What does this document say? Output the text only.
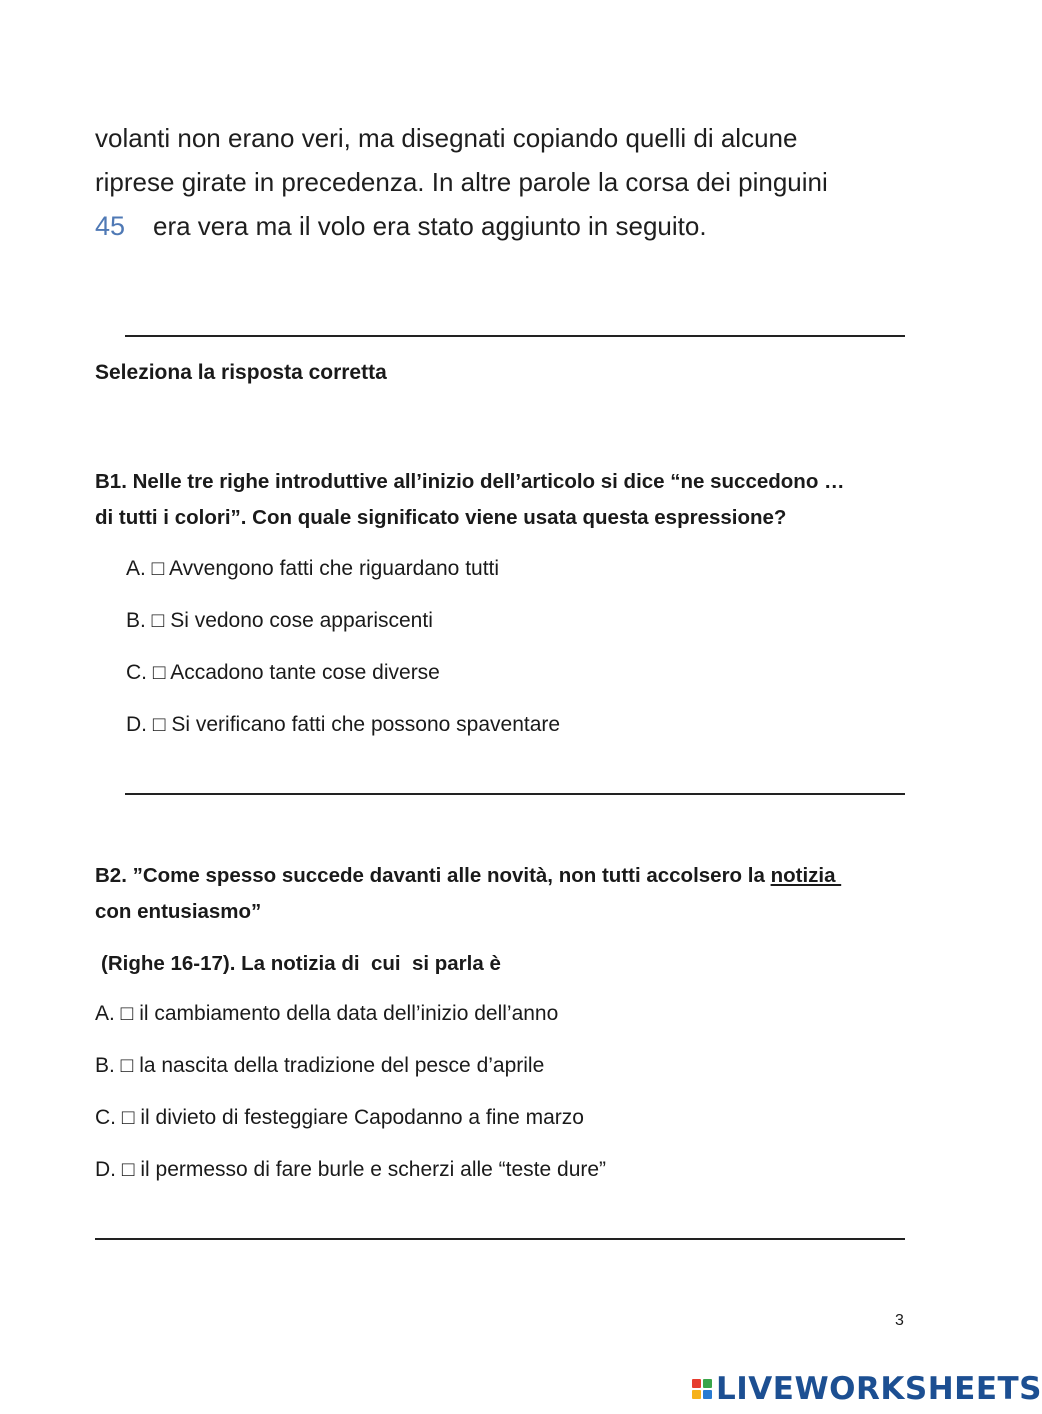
volanti non erano veri, ma disegnati copiando quelli di alcune
riprese girate in precedenza. In altre parole la corsa dei pinguini
45 era vera ma il volo era stato aggiunto in seguito.
Seleziona la risposta corretta
B1. Nelle tre righe introduttive all’inizio dell’articolo si dice “ne succedono …
di tutti i colori”. Con quale significato viene usata questa espressione?
A. □ Avvengono fatti che riguardano tutti
B. □ Si vedono cose appariscenti
C. □ Accadono tante cose diverse
D. □ Si verificano fatti che possono spaventare
B2. ”Come spesso succede davanti alle novità, non tutti accolsero la notizia
con entusiasmo”
(Righe 16-17). La notizia di  cui  si parla è
A. □ il cambiamento della data dell’inizio dell’anno
B. □ la nascita della tradizione del pesce d’aprile
C. □ il divieto di festeggiare Capodanno a fine marzo
D. □ il permesso di fare burle e scherzi alle “teste dure”
3
LIVEWORKSHEETS
